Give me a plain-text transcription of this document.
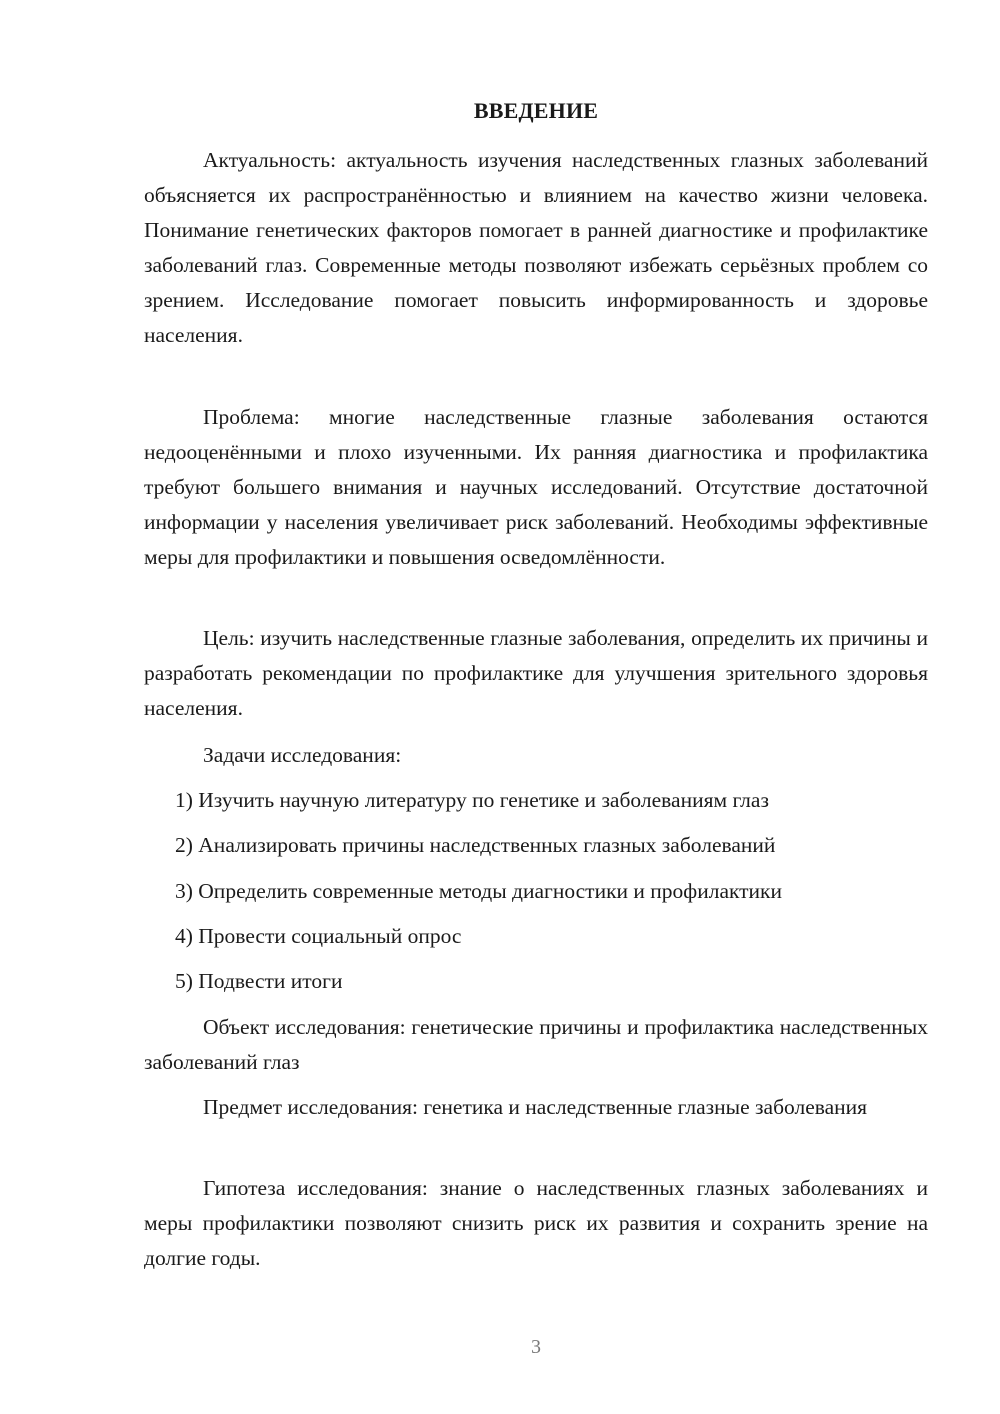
ВВЕДЕНИЕ

Актуальность: актуальность изучения наследственных глазных заболеваний объясняется их распространённостью и влиянием на качество жизни человека. Понимание генетических факторов помогает в ранней диагностике и профилактике заболеваний глаз. Современные методы позволяют избежать серьёзных проблем со зрением. Исследование помогает повысить информированность и здоровье населения.

Проблема: многие наследственные глазные заболевания остаются недооценёнными и плохо изученными. Их ранняя диагностика и профилактика требуют большего внимания и научных исследований. Отсутствие достаточной информации у населения увеличивает риск заболеваний. Необходимы эффективные меры для профилактики и повышения осведомлённости.

Цель: изучить наследственные глазные заболевания, определить их причины и разработать рекомендации по профилактике для улучшения зрительного здоровья населения.

Задачи исследования:

1) Изучить научную литературу по генетике и заболеваниям глаз

2) Анализировать причины наследственных глазных заболеваний

3) Определить современные методы диагностики и профилактики

4) Провести социальный опрос

5) Подвести итоги

Объект исследования: генетические причины и профилактика наследственных заболеваний глаз

Предмет исследования: генетика и наследственные глазные заболевания

Гипотеза исследования: знание о наследственных глазных заболеваниях и меры профилактики позволяют снизить риск их развития и сохранить зрение на долгие годы.

3
